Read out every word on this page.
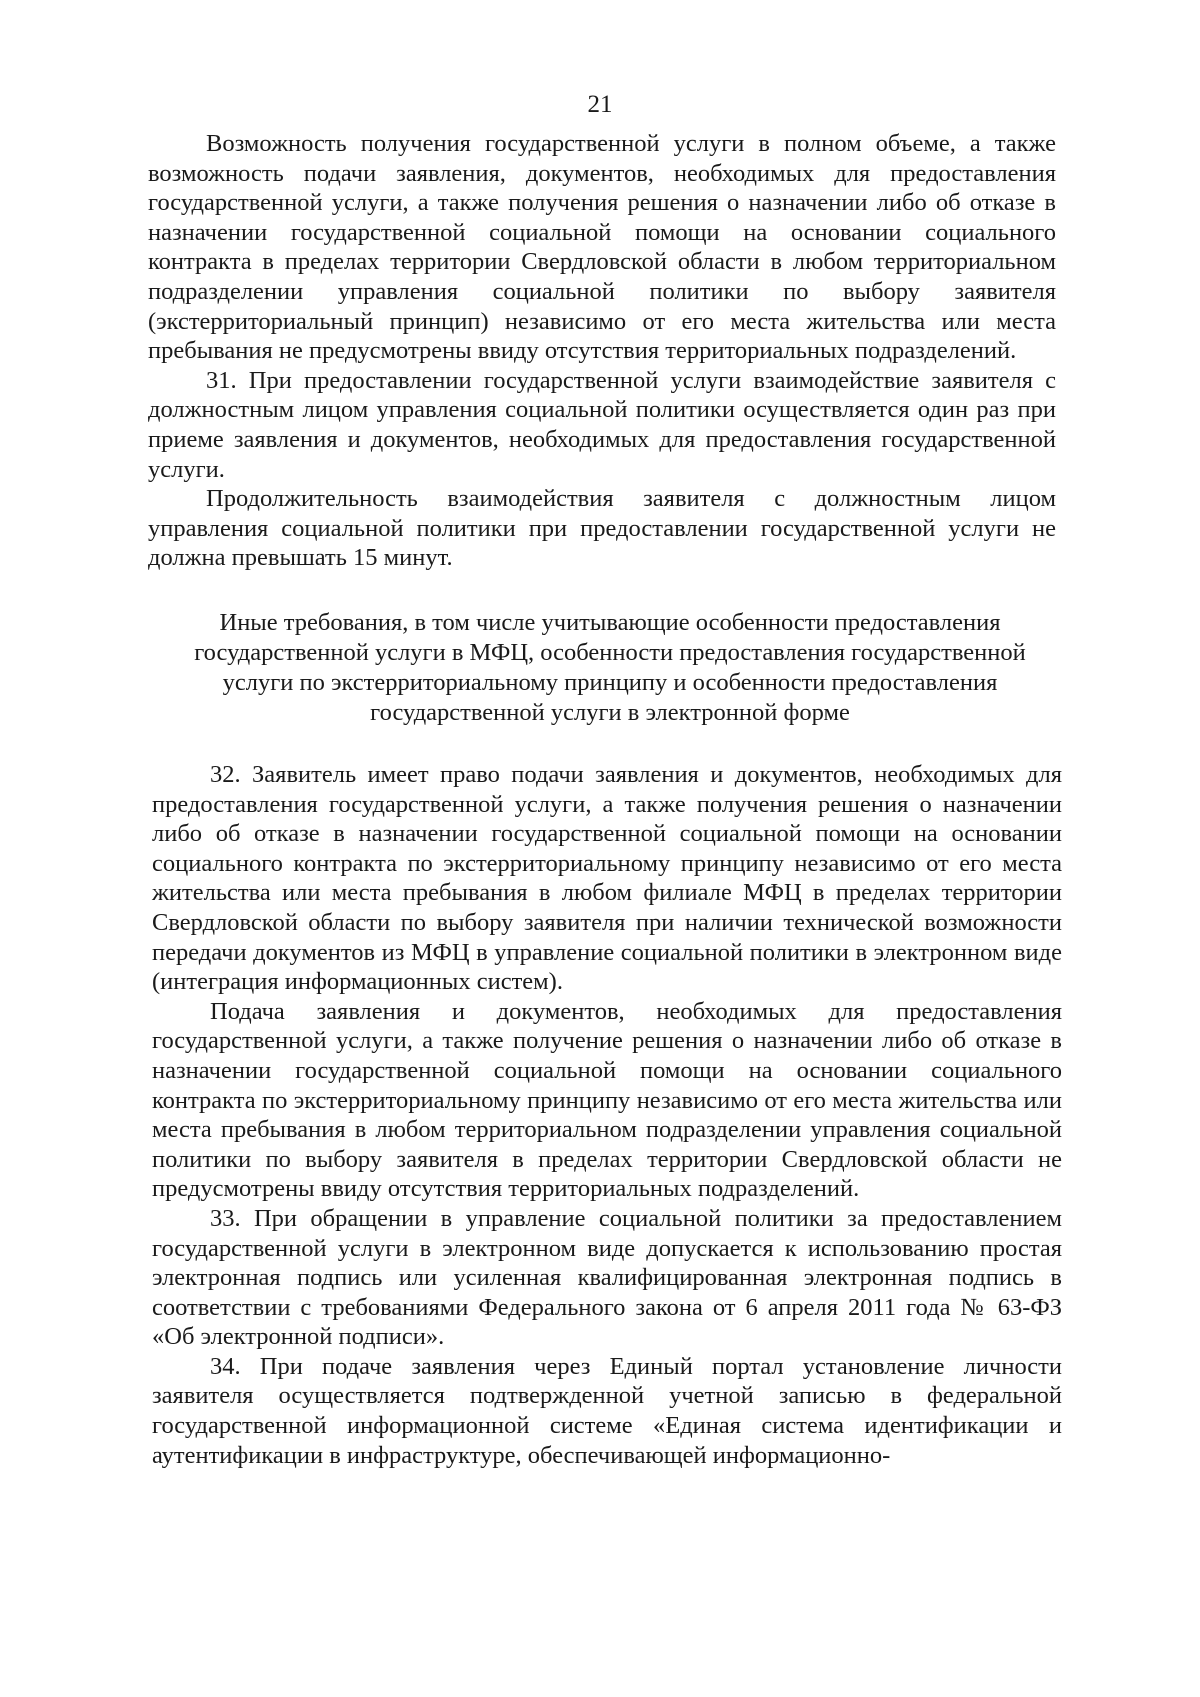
21

Возможность получения государственной услуги в полном объеме, а также возможность подачи заявления, документов, необходимых для предоставления государственной услуги, а также получения решения о назначении либо об отказе в назначении государственной социальной помощи на основании социального контракта в пределах территории Свердловской области в любом территориальном подразделении управления социальной политики по выбору заявителя (экстерриториальный принцип) независимо от его места жительства или места пребывания не предусмотрены ввиду отсутствия территориальных подразделений.

31. При предоставлении государственной услуги взаимодействие заявителя с должностным лицом управления социальной политики осуществляется один раз при приеме заявления и документов, необходимых для предоставления государственной услуги.

Продолжительность взаимодействия заявителя с должностным лицом управления социальной политики при предоставлении государственной услуги не должна превышать 15 минут.

Иные требования, в том числе учитывающие особенности предоставления
государственной услуги в МФЦ, особенности предоставления государственной
услуги по экстерриториальному принципу и особенности предоставления
государственной услуги в электронной форме

32. Заявитель имеет право подачи заявления и документов, необходимых для предоставления государственной услуги, а также получения решения о назначении либо об отказе в назначении государственной социальной помощи на основании социального контракта по экстерриториальному принципу независимо от его места жительства или места пребывания в любом филиале МФЦ в пределах территории Свердловской области по выбору заявителя при наличии технической возможности передачи документов из МФЦ в управление социальной политики в электронном виде (интеграция информационных систем).

Подача заявления и документов, необходимых для предоставления государственной услуги, а также получение решения о назначении либо об отказе в назначении государственной социальной помощи на основании социального контракта по экстерриториальному принципу независимо от его места жительства или места пребывания в любом территориальном подразделении управления социальной политики по выбору заявителя в пределах территории Свердловской области не предусмотрены ввиду отсутствия территориальных подразделений.

33. При обращении в управление социальной политики за предоставлением государственной услуги в электронном виде допускается к использованию простая электронная подпись или усиленная квалифицированная электронная подпись в соответствии с требованиями Федерального закона от 6 апреля 2011 года № 63-ФЗ «Об электронной подписи».

34. При подаче заявления через Единый портал установление личности заявителя осуществляется подтвержденной учетной записью в федеральной государственной информационной системе «Единая система идентификации и аутентификации в инфраструктуре, обеспечивающей информационно-
